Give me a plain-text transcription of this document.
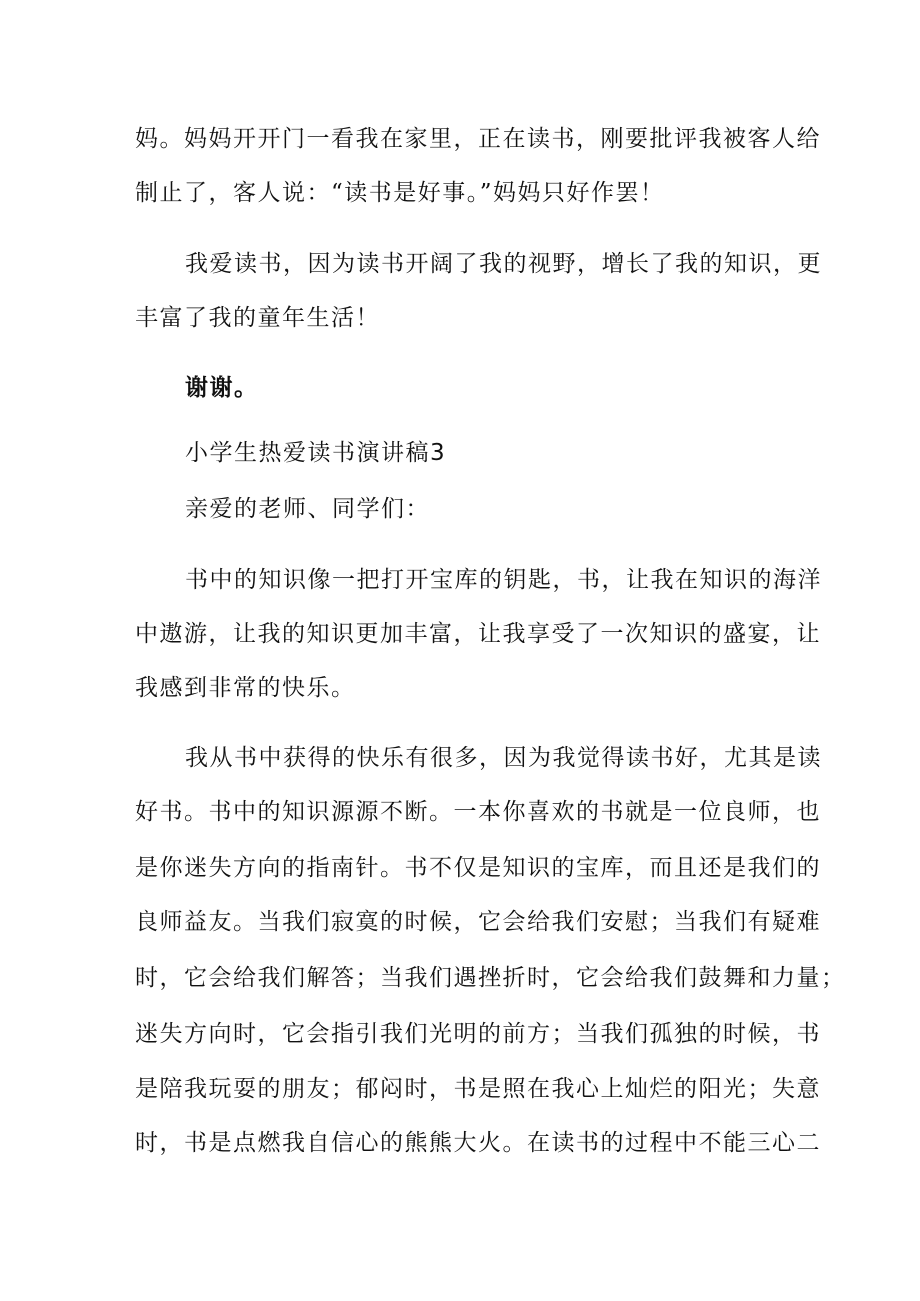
妈。妈妈开开门一看我在家里，正在读书，刚要批评我被客人给
制止了，客人说：“读书是好事。”妈妈只好作罢！
我爱读书，因为读书开阔了我的视野，增长了我的知识，更
丰富了我的童年生活！
谢谢。
小学生热爱读书演讲稿3
亲爱的老师、同学们：
书中的知识像一把打开宝库的钥匙，书，让我在知识的海洋
中遨游，让我的知识更加丰富，让我享受了一次知识的盛宴，让
我感到非常的快乐。
我从书中获得的快乐有很多，因为我觉得读书好，尤其是读
好书。书中的知识源源不断。一本你喜欢的书就是一位良师，也
是你迷失方向的指南针。书不仅是知识的宝库，而且还是我们的
良师益友。当我们寂寞的时候，它会给我们安慰；当我们有疑难
时，它会给我们解答；当我们遇挫折时，它会给我们鼓舞和力量；
迷失方向时，它会指引我们光明的前方；当我们孤独的时候，书
是陪我玩耍的朋友；郁闷时，书是照在我心上灿烂的阳光；失意
时，书是点燃我自信心的熊熊大火。在读书的过程中不能三心二
